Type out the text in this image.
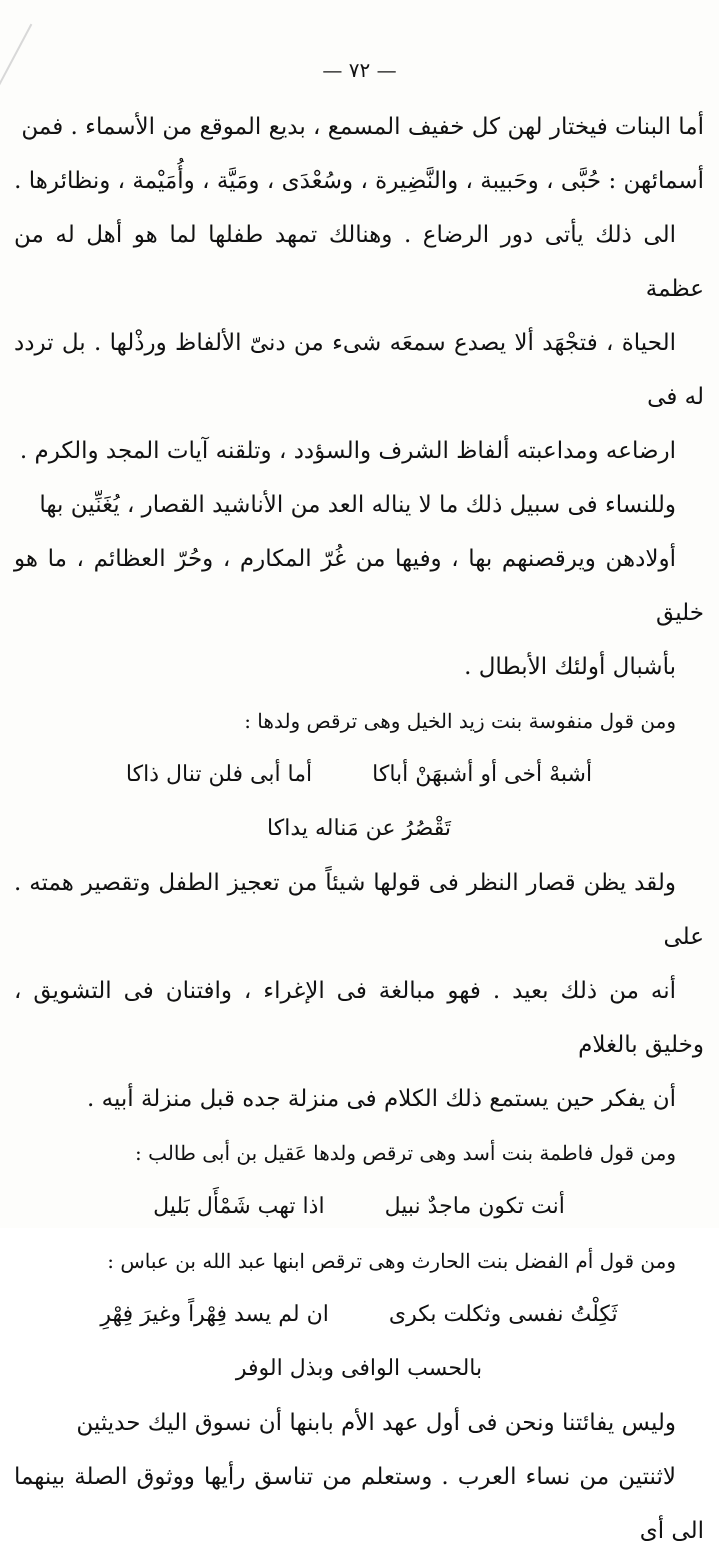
— ٧٢ —

أما البنات فيختار لهن كل خفيف المسمع ، بديع الموقع من الأسماء . فمن
أسمائهن : حُبَّى ، وحَبيبة ، والنَّضِيرة ، وسُعْدَى ، ومَيَّة ، وأُمَيْمة ، ونظائرها .

الى ذلك يأتى دور الرضاع . وهنالك تمهد طفلها لما هو أهل له من عظمة
الحياة ، فتجْهَد ألا يصدع سمعَه شىء من دنىّ الألفاظ ورذْلها . بل تردد له فى
ارضاعه ومداعبته ألفاظ الشرف والسؤدد ، وتلقنه آيات المجد والكرم .

وللنساء فى سبيل ذلك ما لا يناله العد من الأناشيد القصار ، يُغَنِّين بها
أولادهن ويرقصنهم بها ، وفيها من غُرّ المكارم ، وحُرّ العظائم ، ما هو خليق
بأشبال أولئك الأبطال .

ومن قول منفوسة بنت زيد الخيل وهى ترقص ولدها :

أشبهْ أخى أو أشبهَنْ أباكا
أما أبى فلن تنال ذاكا
تَقْصُرُ عن مَناله يداكا

ولقد يظن قصار النظر فى قولها شيئاً من تعجيز الطفل وتقصير همته . على
أنه من ذلك بعيد . فهو مبالغة فى الإغراء ، وافتنان فى التشويق ، وخليق بالغلام
أن يفكر حين يستمع ذلك الكلام فى منزلة جده قبل منزلة أبيه .

ومن قول فاطمة بنت أسد وهى ترقص ولدها عَقيل بن أبى طالب :

أنت تكون ماجدٌ نبيل
اذا تهب شَمْأَل بَليل

ومن قول أم الفضل بنت الحارث وهى ترقص ابنها عبد الله بن عباس :

ثَكِلْتُ نفسى وثكلت بكرى
ان لم يسد فِهْراً وغيرَ فِهْرِ
بالحسب الوافى وبذل الوفر

وليس يفائتنا ونحن فى أول عهد الأم بابنها أن نسوق اليك حديثين
لاثنتين من نساء العرب . وستعلم من تناسق رأيها ووثوق الصلة بينهما الى أى
